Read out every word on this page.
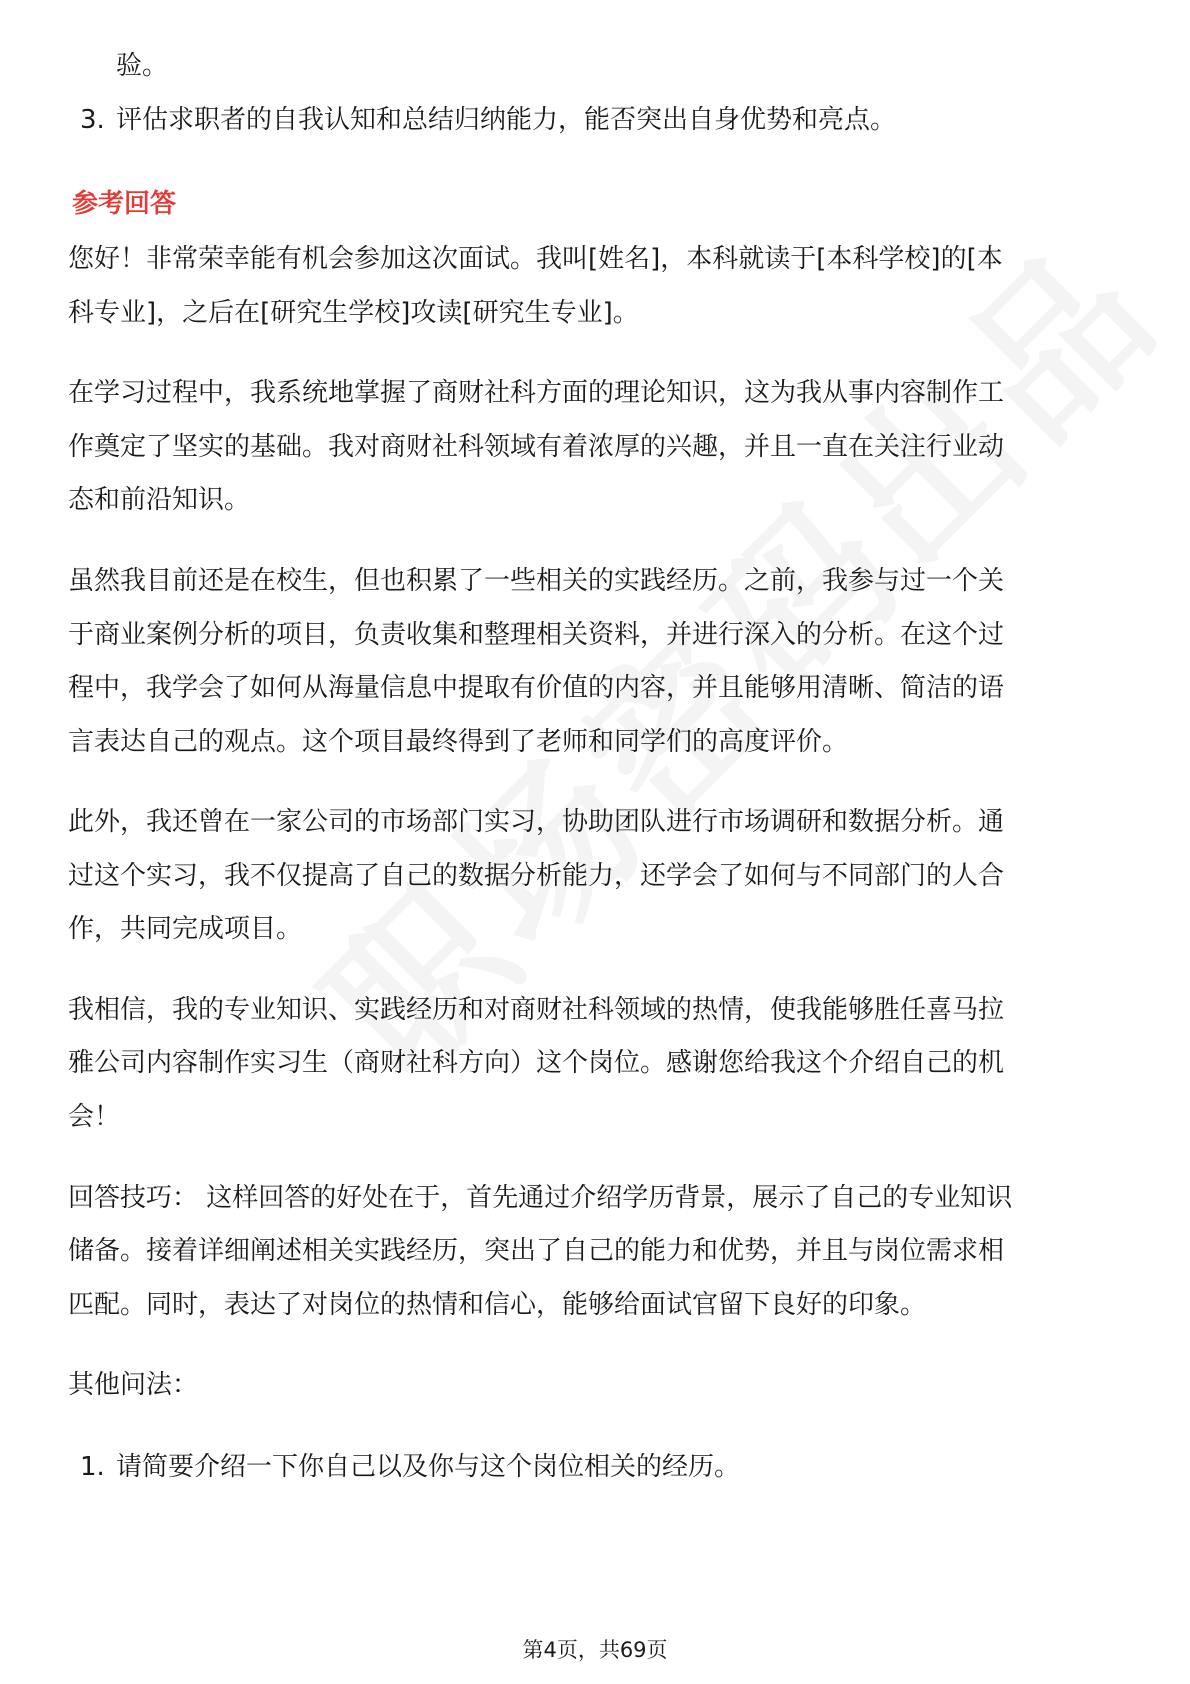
验。
3. 评估求职者的自我认知和总结归纳能力，能否突出自身优势和亮点。
参考回答
您好！非常荣幸能有机会参加这次面试。我叫[姓名]，本科就读于[本科学校]的[本
科专业]，之后在[研究生学校]攻读[研究生专业]。
在学习过程中，我系统地掌握了商财社科方面的理论知识，这为我从事内容制作工
作奠定了坚实的基础。我对商财社科领域有着浓厚的兴趣，并且一直在关注行业动
态和前沿知识。
虽然我目前还是在校生，但也积累了一些相关的实践经历。之前，我参与过一个关
于商业案例分析的项目，负责收集和整理相关资料，并进行深入的分析。在这个过
程中，我学会了如何从海量信息中提取有价值的内容，并且能够用清晰、简洁的语
言表达自己的观点。这个项目最终得到了老师和同学们的高度评价。
此外，我还曾在一家公司的市场部门实习，协助团队进行市场调研和数据分析。通
过这个实习，我不仅提高了自己的数据分析能力，还学会了如何与不同部门的人合
作，共同完成项目。
我相信，我的专业知识、实践经历和对商财社科领域的热情，使我能够胜任喜马拉
雅公司内容制作实习生（商财社科方向）这个岗位。感谢您给我这个介绍自己的机
会！
回答技巧： 这样回答的好处在于，首先通过介绍学历背景，展示了自己的专业知识
储备。接着详细阐述相关实践经历，突出了自己的能力和优势，并且与岗位需求相
匹配。同时，表达了对岗位的热情和信心，能够给面试官留下良好的印象。
其他问法：
1. 请简要介绍一下你自己以及你与这个岗位相关的经历。
第4页，共69页
